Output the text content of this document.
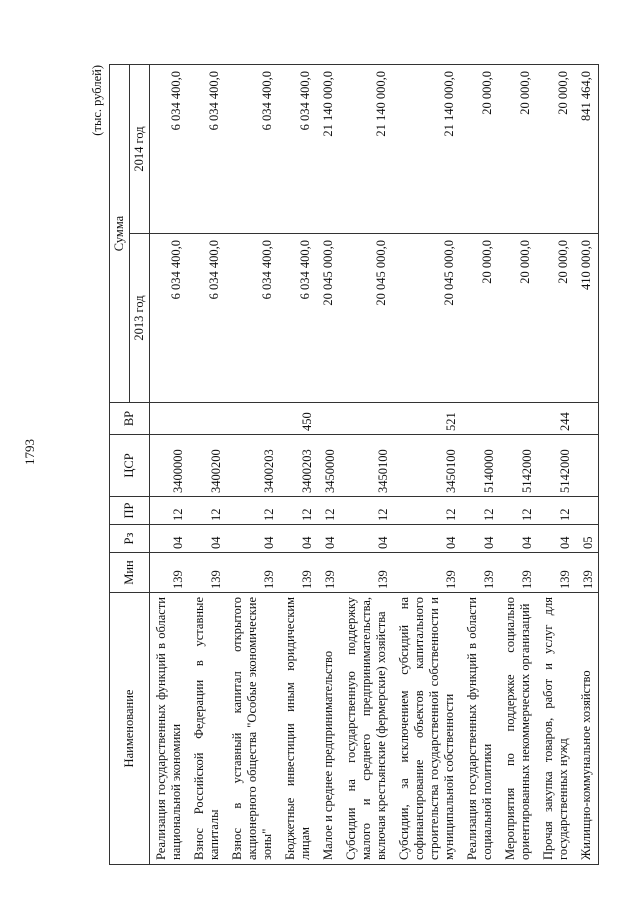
1793
(тыс. рублей)
Наименование	Мин	Рз	ПР	ЦСР	ВР	Сумма	
						2013 год	2014 год
Реализация государственных функций в области национальной экономики	139	04	12	3400000		6 034 400,0	6 034 400,0
Взнос Российской Федерации в уставные капиталы	139	04	12	3400200		6 034 400,0	6 034 400,0
Взнос в уставный капитал открытого акционерного общества "Особые экономические зоны"	139	04	12	3400203		6 034 400,0	6 034 400,0
Бюджетные инвестиции иным юридическим лицам	139	04	12	3400203	450	6 034 400,0	6 034 400,0
Малое и среднее предпринимательство	139	04	12	3450000		20 045 000,0	21 140 000,0
Субсидии на государственную поддержку малого и среднего предпринимательства, включая крестьянские (фермерские) хозяйства	139	04	12	3450100		20 045 000,0	21 140 000,0
Субсидии, за исключением субсидий на софинансирование объектов капитального строительства государственной собственности и муниципальной собственности	139	04	12	3450100	521	20 045 000,0	21 140 000,0
Реализация государственных функций в области социальной политики	139	04	12	5140000		20 000,0	20 000,0
Мероприятия по поддержке социально ориентированных некоммерческих организаций	139	04	12	5142000		20 000,0	20 000,0
Прочая закупка товаров, работ и услуг для государственных нужд	139	04	12	5142000	244	20 000,0	20 000,0
Жилищно-коммунальное хозяйство	139	05				410 000,0	841 464,0
